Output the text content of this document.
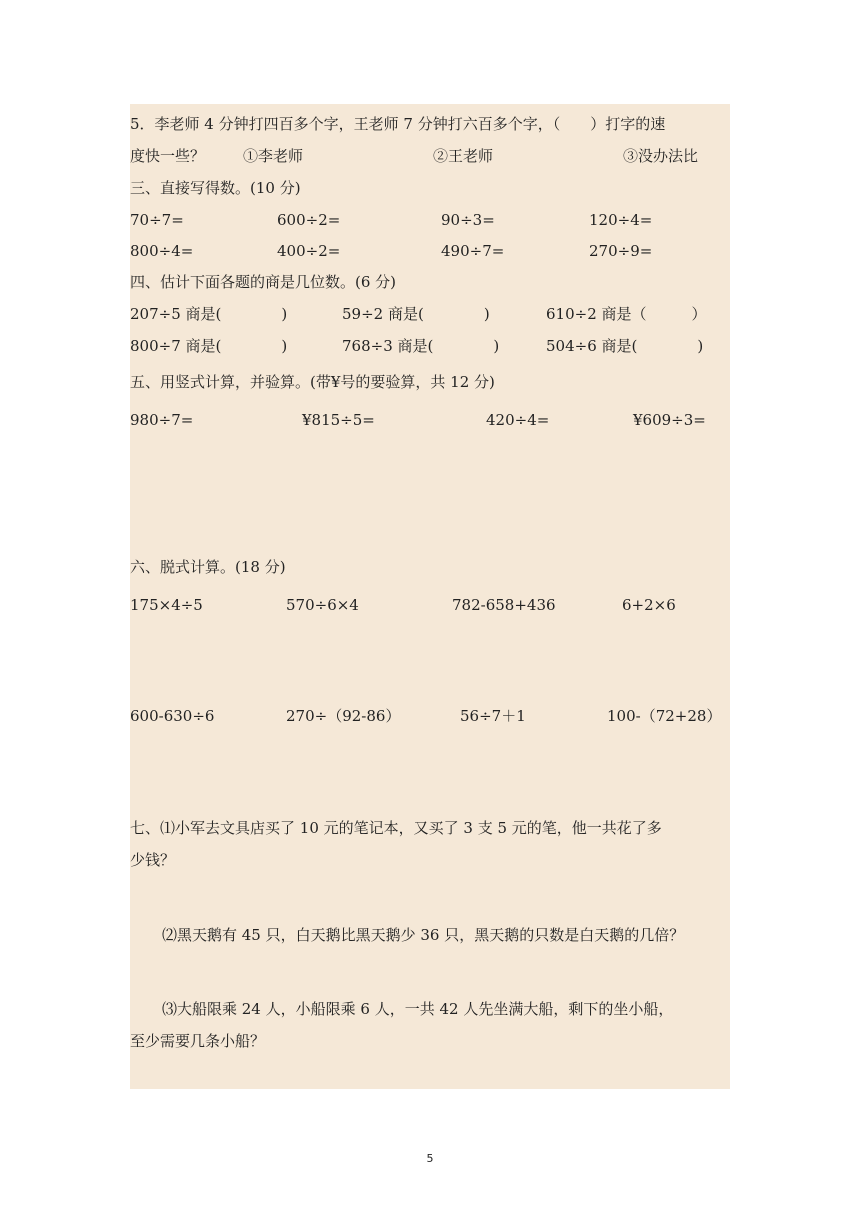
5．李老师 4 分钟打四百多个字，王老师 7 分钟打六百多个字，（　　）打字的速
度快一些？	①李老师	②王老师	③没办法比
三、直接写得数。(10 分)
70÷7=	600÷2=	90÷3=	120÷4=
800÷4=	400÷2=	490÷7=	270÷9=
四、估计下面各题的商是几位数。(6 分)
207÷5 商是(　　　　)	59÷2 商是(　　　　)	610÷2 商是（　　　）
800÷7 商是(　　　　)	768÷3 商是(　　　　)	504÷6 商是(　　　　)
五、用竖式计算，并验算。(带¥号的要验算，共 12 分)
980÷7=	¥815÷5=	420÷4=	¥609÷3=
六、脱式计算。(18 分)
175×4÷5	570÷6×4	782-658+436	6+2×6
600-630÷6	270÷（92-86）	56÷7＋1	100-（72+28）
七、⑴小军去文具店买了 10 元的笔记本，又买了 3 支 5 元的笔，他一共花了多
少钱？
⑵黑天鹅有 45 只，白天鹅比黑天鹅少 36 只，黑天鹅的只数是白天鹅的几倍？
⑶大船限乘 24 人，小船限乘 6 人，一共 42 人先坐满大船，剩下的坐小船，
至少需要几条小船？
5
